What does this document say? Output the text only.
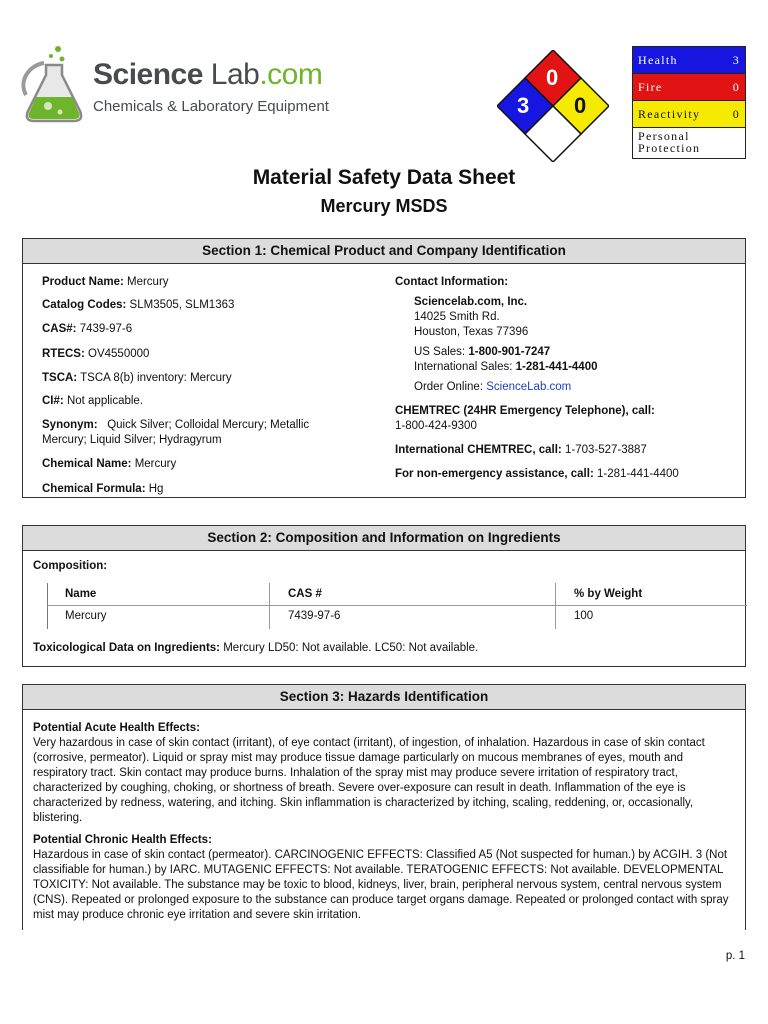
Science Lab.com
Chemicals & Laboratory Equipment
0
3 0
Health	3
Fire	0
Reactivity	0
Personal
Protection
Material Safety Data Sheet
Mercury MSDS
Section 1: Chemical Product and Company Identification
Product Name: Mercury
Catalog Codes: SLM3505, SLM1363
CAS#: 7439-97-6
RTECS: OV4550000
TSCA: TSCA 8(b) inventory: Mercury
CI#: Not applicable.
Synonym: Quick Silver; Colloidal Mercury; Metallic
Mercury; Liquid Silver; Hydragyrum
Chemical Name: Mercury
Chemical Formula: Hg
Contact Information:
Sciencelab.com, Inc.
14025 Smith Rd.
Houston, Texas 77396
US Sales: 1-800-901-7247
International Sales: 1-281-441-4400
Order Online: ScienceLab.com
CHEMTREC (24HR Emergency Telephone), call:
1-800-424-9300
International CHEMTREC, call: 1-703-527-3887
For non-emergency assistance, call: 1-281-441-4400
Section 2: Composition and Information on Ingredients
Composition:
Name	CAS #	% by Weight
Mercury	7439-97-6	100
Toxicological Data on Ingredients: Mercury LD50: Not available. LC50: Not available.
Section 3: Hazards Identification

Potential Acute Health Effects:
Very hazardous in case of skin contact (irritant), of eye contact (irritant), of ingestion, of inhalation. Hazardous in case of skin contact (corrosive, permeator). Liquid or spray mist may produce tissue damage particularly on mucous membranes of eyes, mouth and respiratory tract. Skin contact may produce burns. Inhalation of the spray mist may produce severe irritation of respiratory tract, characterized by coughing, choking, or shortness of breath. Severe over-exposure can result in death. Inflammation of the eye is characterized by redness, watering, and itching. Skin inflammation is characterized by itching, scaling, reddening, or, occasionally, blistering.

Potential Chronic Health Effects:
Hazardous in case of skin contact (permeator). CARCINOGENIC EFFECTS: Classified A5 (Not suspected for human.) by ACGIH. 3 (Not classifiable for human.) by IARC. MUTAGENIC EFFECTS: Not available. TERATOGENIC EFFECTS: Not available. DEVELOPMENTAL TOXICITY: Not available. The substance may be toxic to blood, kidneys, liver, brain, peripheral nervous system, central nervous system (CNS). Repeated or prolonged exposure to the substance can produce target organs damage. Repeated or prolonged contact with spray mist may produce chronic eye irritation and severe skin irritation.

p. 1
